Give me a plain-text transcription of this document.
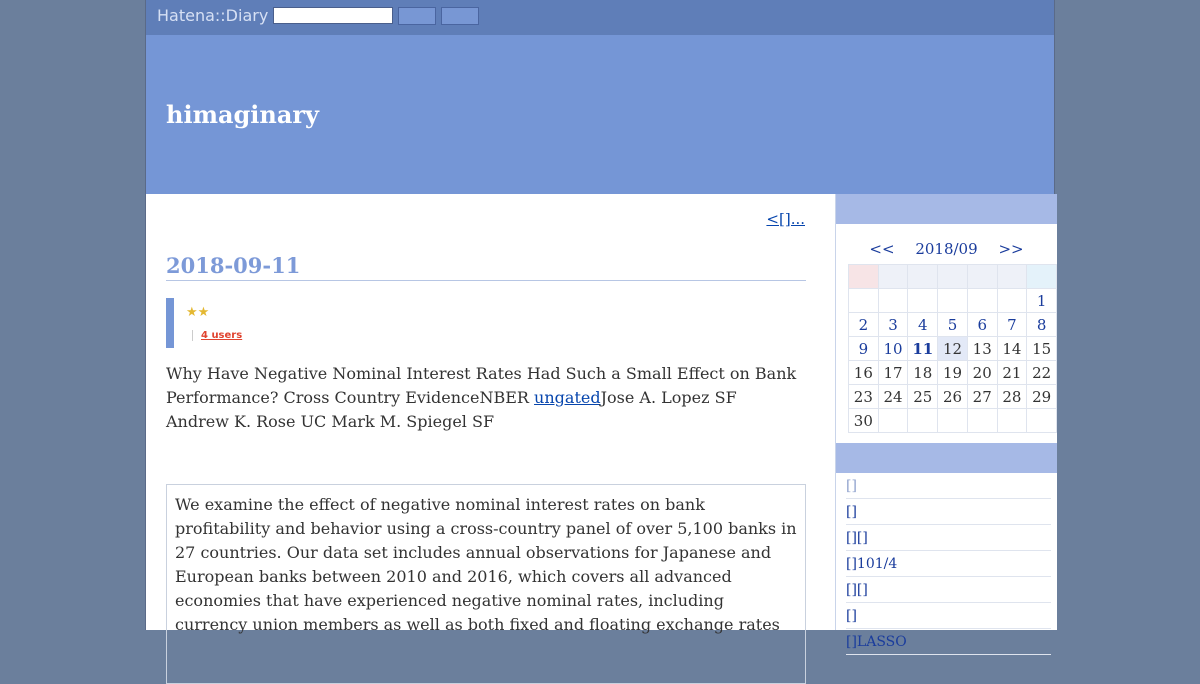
Hatena::Diary
himaginary
<[]...
2018-09-11
★★
4 users
Why Have Negative Nominal Interest Rates Had Such a Small Effect on Bank
Performance? Cross Country EvidenceNBER ungatedJose A. Lopez SF
Andrew K. Rose UC Mark M. Spiegel SF
We examine the effect of negative nominal interest rates on bank profitability and behavior using a cross-country panel of over 5,100 banks in 27 countries. Our data set includes annual observations for Japanese and European banks between 2010 and 2016, which covers all advanced economies that have experienced negative nominal rates, including currency union members as well as both fixed and floating exchange rates
<< 2018/09 >>

						1
2	3	4	5	6	7	8
9	10	11	12	13	14	15
16	17	18	19	20	21	22
23	24	25	26	27	28	29
30						
[]
[]
[][]
[]101/4
[][]
[]
[]LASSO
